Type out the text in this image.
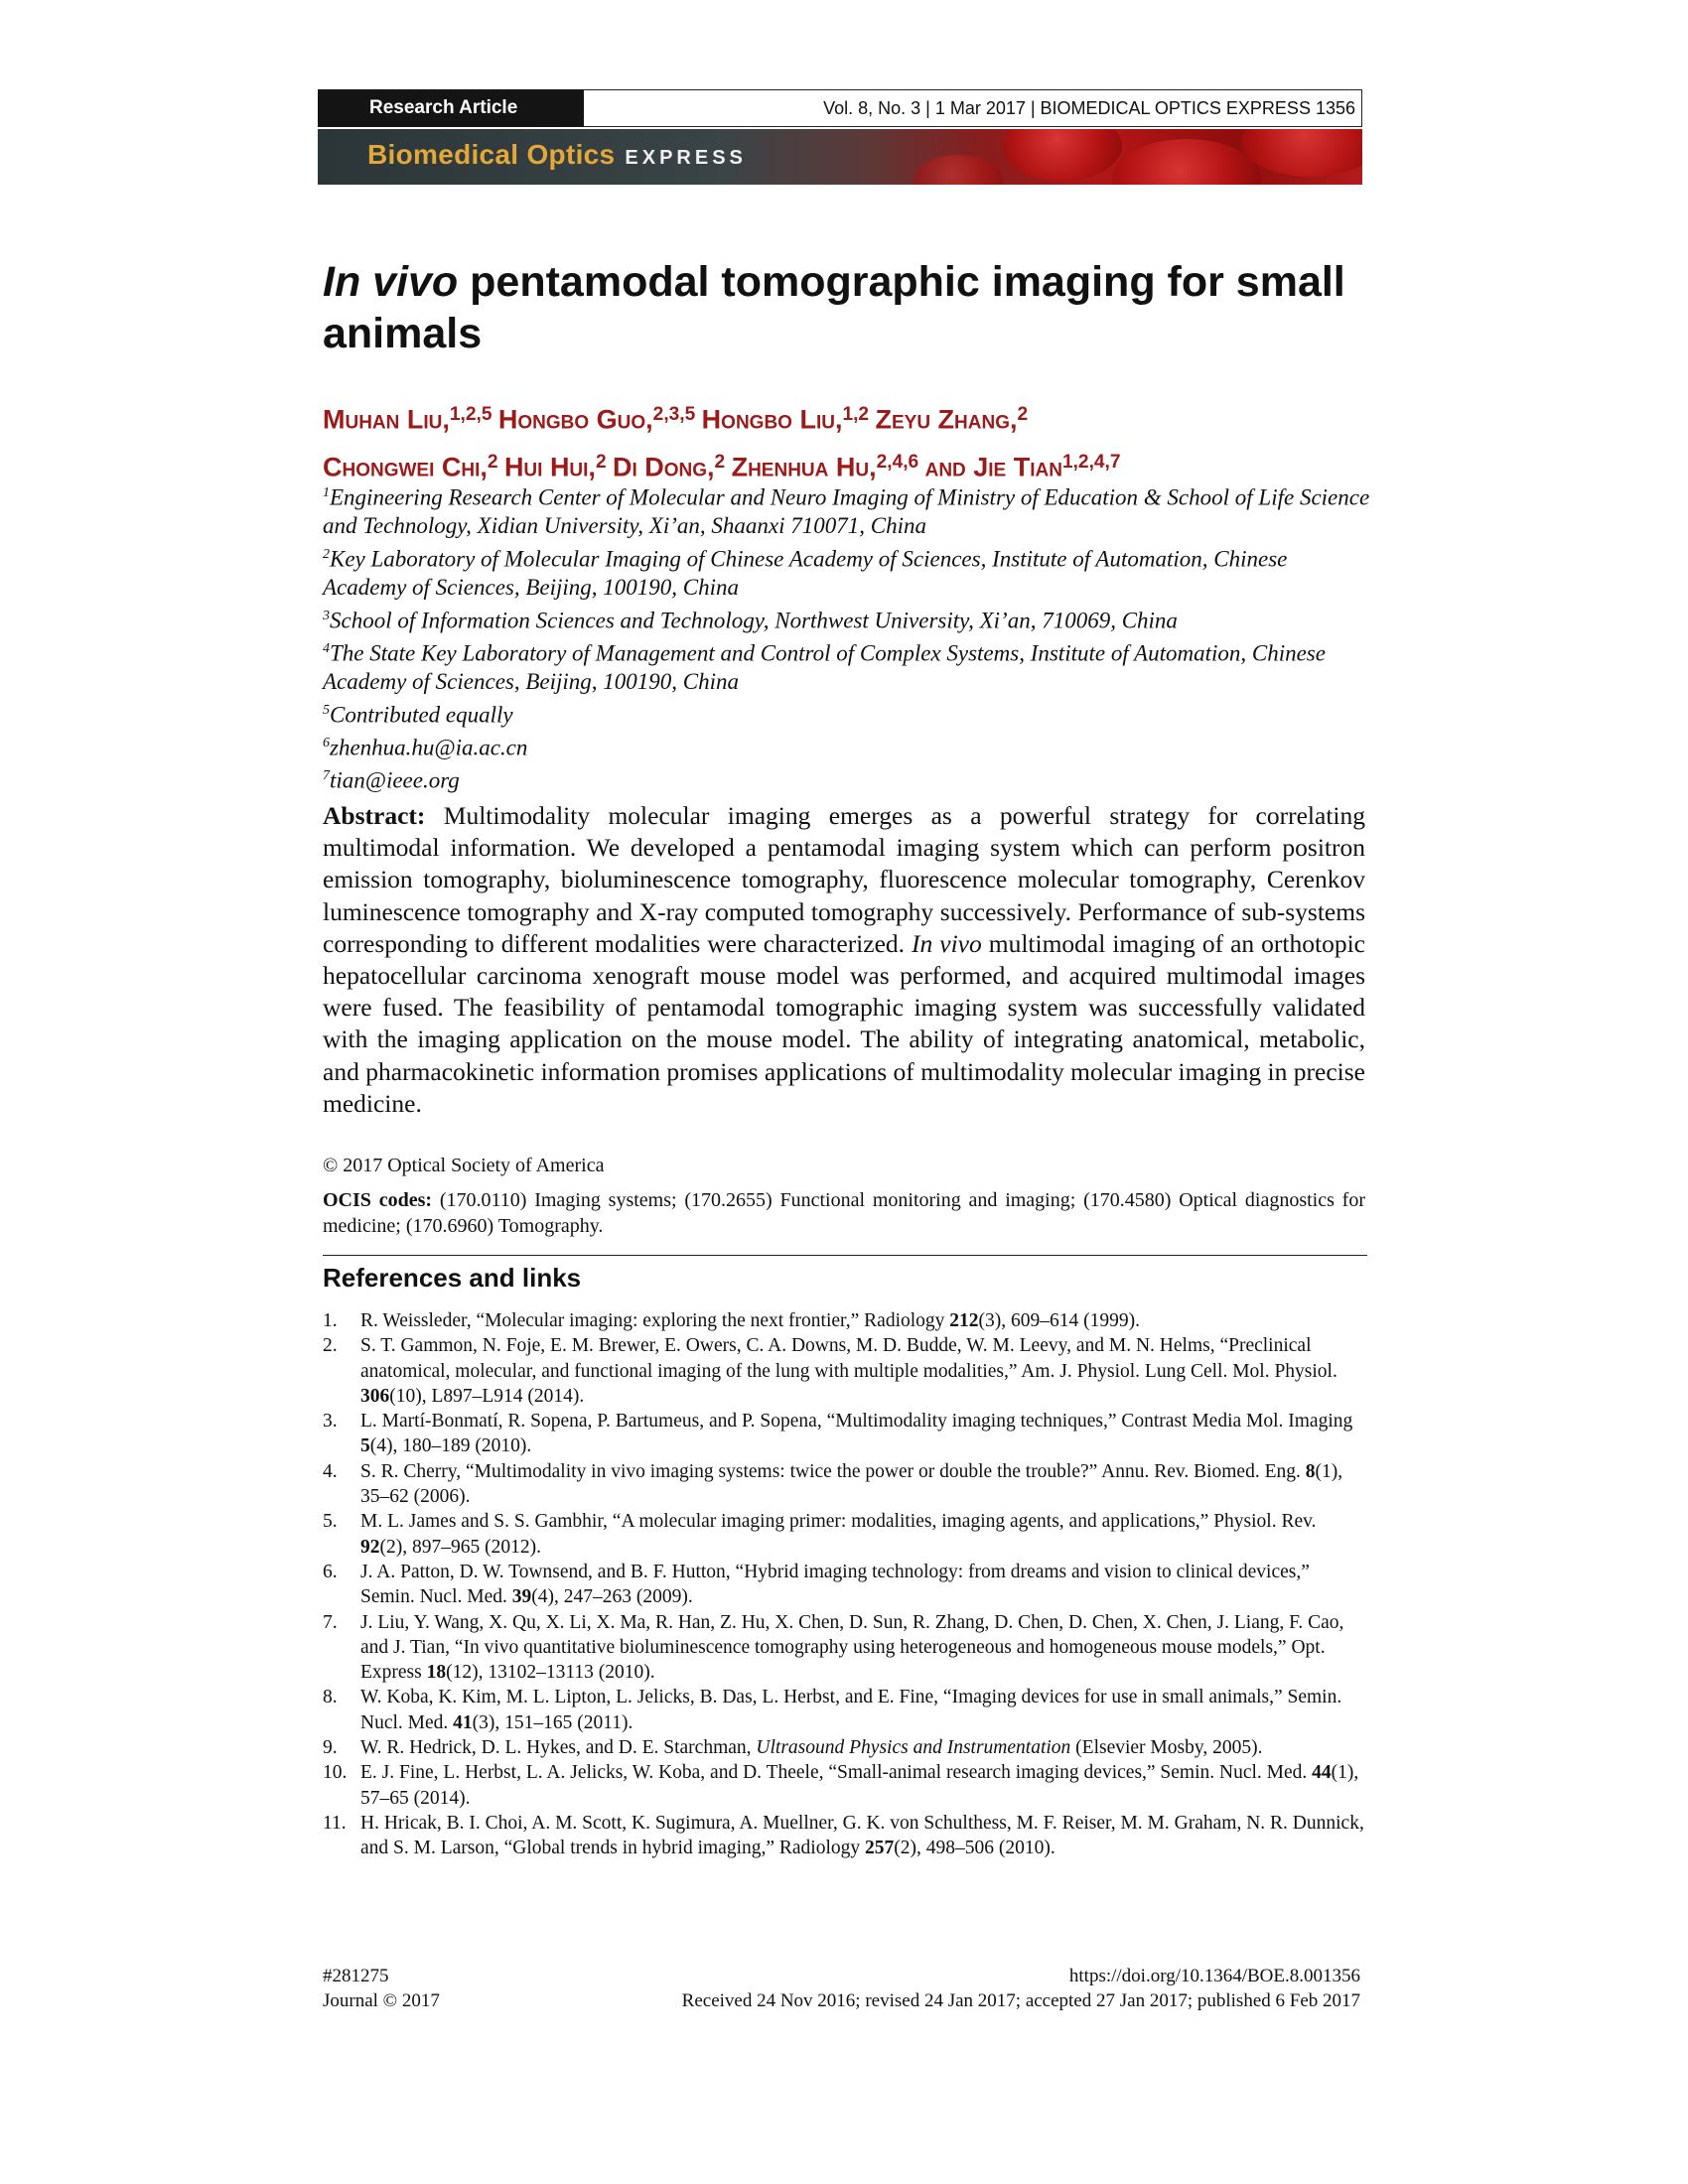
Research Article	Vol. 8, No. 3 | 1 Mar 2017 | BIOMEDICAL OPTICS EXPRESS 1356
Biomedical Optics EXPRESS
In vivo pentamodal tomographic imaging for small animals
Muhan Liu,$^{1,2,5}$ Hongbo Guo,$^{2,3,5}$ Hongbo Liu,$^{1,2}$ Zeyu Zhang,$^2$
Chongwei Chi,$^2$ Hui Hui,$^2$ Di Dong,$^2$ Zhenhua Hu,$^{2,4,6}$ and Jie Tian$^{1,2,4,7}$
$^1$Engineering Research Center of Molecular and Neuro Imaging of Ministry of Education & School of Life Science and Technology, Xidian University, Xi’an, Shaanxi 710071, China
$^2$Key Laboratory of Molecular Imaging of Chinese Academy of Sciences, Institute of Automation, Chinese Academy of Sciences, Beijing, 100190, China
$^3$School of Information Sciences and Technology, Northwest University, Xi’an, 710069, China
$^4$The State Key Laboratory of Management and Control of Complex Systems, Institute of Automation, Chinese Academy of Sciences, Beijing, 100190, China
$^5$Contributed equally
$^6$zhenhua.hu@ia.ac.cn
$^7$tian@ieee.org
Abstract: Multimodality molecular imaging emerges as a powerful strategy for correlating multimodal information. We developed a pentamodal imaging system which can perform positron emission tomography, bioluminescence tomography, fluorescence molecular tomography, Cerenkov luminescence tomography and X-ray computed tomography successively. Performance of sub-systems corresponding to different modalities were characterized. In vivo multimodal imaging of an orthotopic hepatocellular carcinoma xenograft mouse model was performed, and acquired multimodal images were fused. The feasibility of pentamodal tomographic imaging system was successfully validated with the imaging application on the mouse model. The ability of integrating anatomical, metabolic, and pharmacokinetic information promises applications of multimodality molecular imaging in precise medicine.
© 2017 Optical Society of America
OCIS codes: (170.0110) Imaging systems; (170.2655) Functional monitoring and imaging; (170.4580) Optical diagnostics for medicine; (170.6960) Tomography.
References and links
1.	R. Weissleder, “Molecular imaging: exploring the next frontier,” Radiology 212(3), 609–614 (1999).
2.	S. T. Gammon, N. Foje, E. M. Brewer, E. Owers, C. A. Downs, M. D. Budde, W. M. Leevy, and M. N. Helms, “Preclinical anatomical, molecular, and functional imaging of the lung with multiple modalities,” Am. J. Physiol. Lung Cell. Mol. Physiol. 306(10), L897–L914 (2014).
3.	L. Martí-Bonmatí, R. Sopena, P. Bartumeus, and P. Sopena, “Multimodality imaging techniques,” Contrast Media Mol. Imaging 5(4), 180–189 (2010).
4.	S. R. Cherry, “Multimodality in vivo imaging systems: twice the power or double the trouble?” Annu. Rev. Biomed. Eng. 8(1), 35–62 (2006).
5.	M. L. James and S. S. Gambhir, “A molecular imaging primer: modalities, imaging agents, and applications,” Physiol. Rev. 92(2), 897–965 (2012).
6.	J. A. Patton, D. W. Townsend, and B. F. Hutton, “Hybrid imaging technology: from dreams and vision to clinical devices,” Semin. Nucl. Med. 39(4), 247–263 (2009).
7.	J. Liu, Y. Wang, X. Qu, X. Li, X. Ma, R. Han, Z. Hu, X. Chen, D. Sun, R. Zhang, D. Chen, D. Chen, X. Chen, J. Liang, F. Cao, and J. Tian, “In vivo quantitative bioluminescence tomography using heterogeneous and homogeneous mouse models,” Opt. Express 18(12), 13102–13113 (2010).
8.	W. Koba, K. Kim, M. L. Lipton, L. Jelicks, B. Das, L. Herbst, and E. Fine, “Imaging devices for use in small animals,” Semin. Nucl. Med. 41(3), 151–165 (2011).
9.	W. R. Hedrick, D. L. Hykes, and D. E. Starchman, Ultrasound Physics and Instrumentation (Elsevier Mosby, 2005).
10. E. J. Fine, L. Herbst, L. A. Jelicks, W. Koba, and D. Theele, “Small-animal research imaging devices,” Semin. Nucl. Med. 44(1), 57–65 (2014).
11. H. Hricak, B. I. Choi, A. M. Scott, K. Sugimura, A. Muellner, G. K. von Schulthess, M. F. Reiser, M. M. Graham, N. R. Dunnick, and S. M. Larson, “Global trends in hybrid imaging,” Radiology 257(2), 498–506 (2010).
#281275
Journal © 2017
https://doi.org/10.1364/BOE.8.001356
Received 24 Nov 2016; revised 24 Jan 2017; accepted 27 Jan 2017; published 6 Feb 2017
